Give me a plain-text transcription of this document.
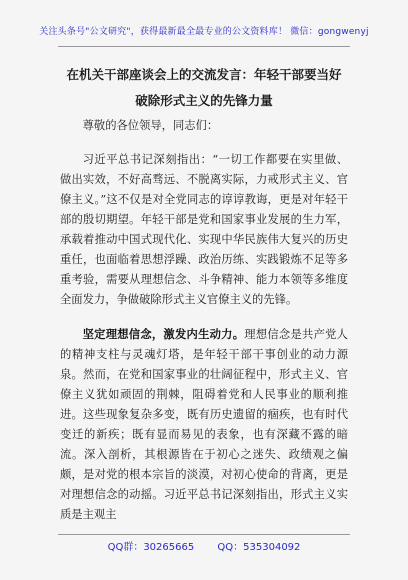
关注头条号"公文研究"，获得最新最全最专业的公文资料库！ 微信：gongwenyj
在机关干部座谈会上的交流发言：年轻干部要当好破除形式主义的先锋力量

尊敬的各位领导，同志们：

习近平总书记深刻指出：“一切工作都要在实里做、做出实效，不好高骛远、不脱离实际，力戒形式主义、官僚主义。”这不仅是对全党同志的谆谆教诲，更是对年轻干部的殷切期望。年轻干部是党和国家事业发展的生力军，承载着推动中国式现代化、实现中华民族伟大复兴的历史重任，也面临着思想浮躁、政治历练、实践锻炼不足等多重考验，需要从理想信念、斗争精神、能力本领等多维度全面发力，争做破除形式主义官僚主义的先锋。

坚定理想信念，激发内生动力。理想信念是共产党人的精神支柱与灵魂灯塔，是年轻干部干事创业的动力源泉。然而，在党和国家事业的壮阔征程中，形式主义、官僚主义犹如顽固的荆棘，阻碍着党和人民事业的顺利推进。这些现象复杂多变，既有历史遗留的痼疾，也有时代变迁的新疾；既有显而易见的表象，也有深藏不露的暗流。深入剖析，其根源皆在于初心之迷失、政绩观之偏颇，是对党的根本宗旨的淡漠，对初心使命的背离，更是对理想信念的动摇。习近平总书记深刻指出，形式主义实质是主观主

QQ群：30265665 QQ：535304092
